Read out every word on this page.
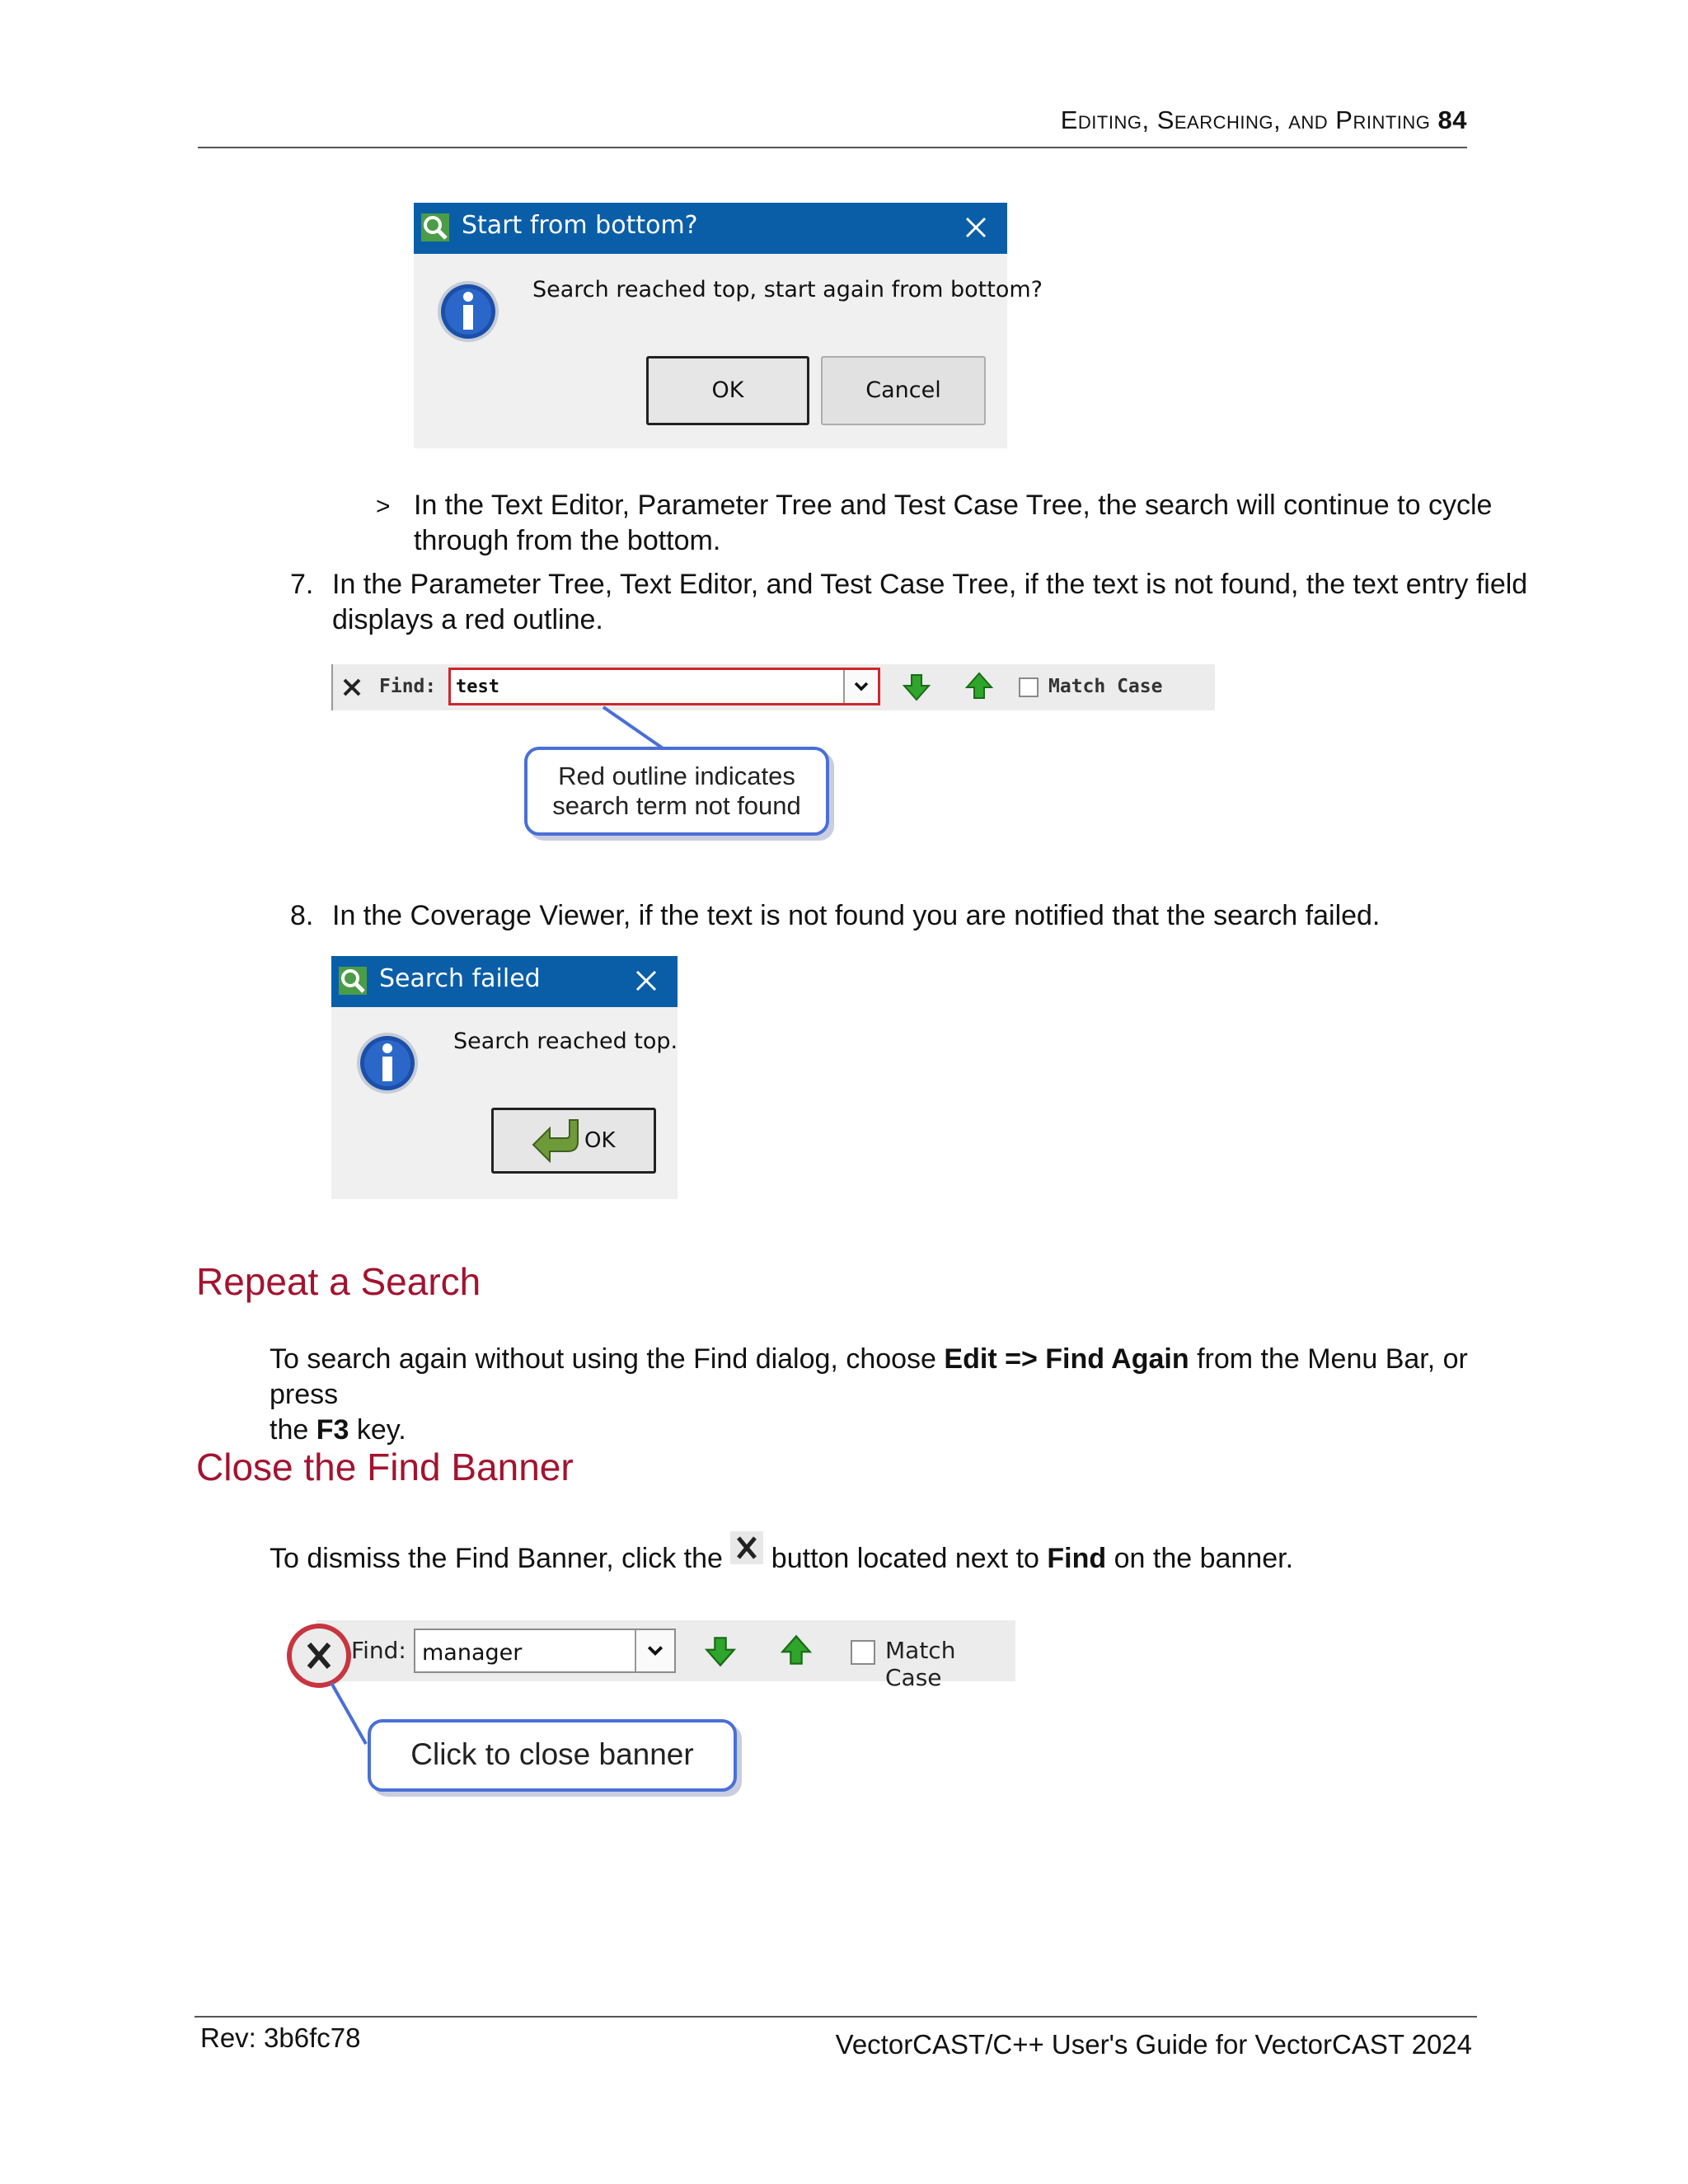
Editing, Searching, and Printing 84
Start from bottom?
Search reached top, start again from bottom?
OK	Cancel
> In the Text Editor, Parameter Tree and Test Case Tree, the search will continue to cycle
through from the bottom.
7. In the Parameter Tree, Text Editor, and Test Case Tree, if the text is not found, the text entry field
displays a red outline.
Find: test	Match Case
Red outline indicates
search term not found
8. In the Coverage Viewer, if the text is not found you are notified that the search failed.
Search failed
Search reached top.
OK
Repeat a Search
To search again without using the Find dialog, choose Edit => Find Again from the Menu Bar, or press
the F3 key.
Close the Find Banner
To dismiss the Find Banner, click the  button located next to Find on the banner.
Find: manager	Match Case
Click to close banner
Rev: 3b6fc78	VectorCAST/C++ User's Guide for VectorCAST 2024
